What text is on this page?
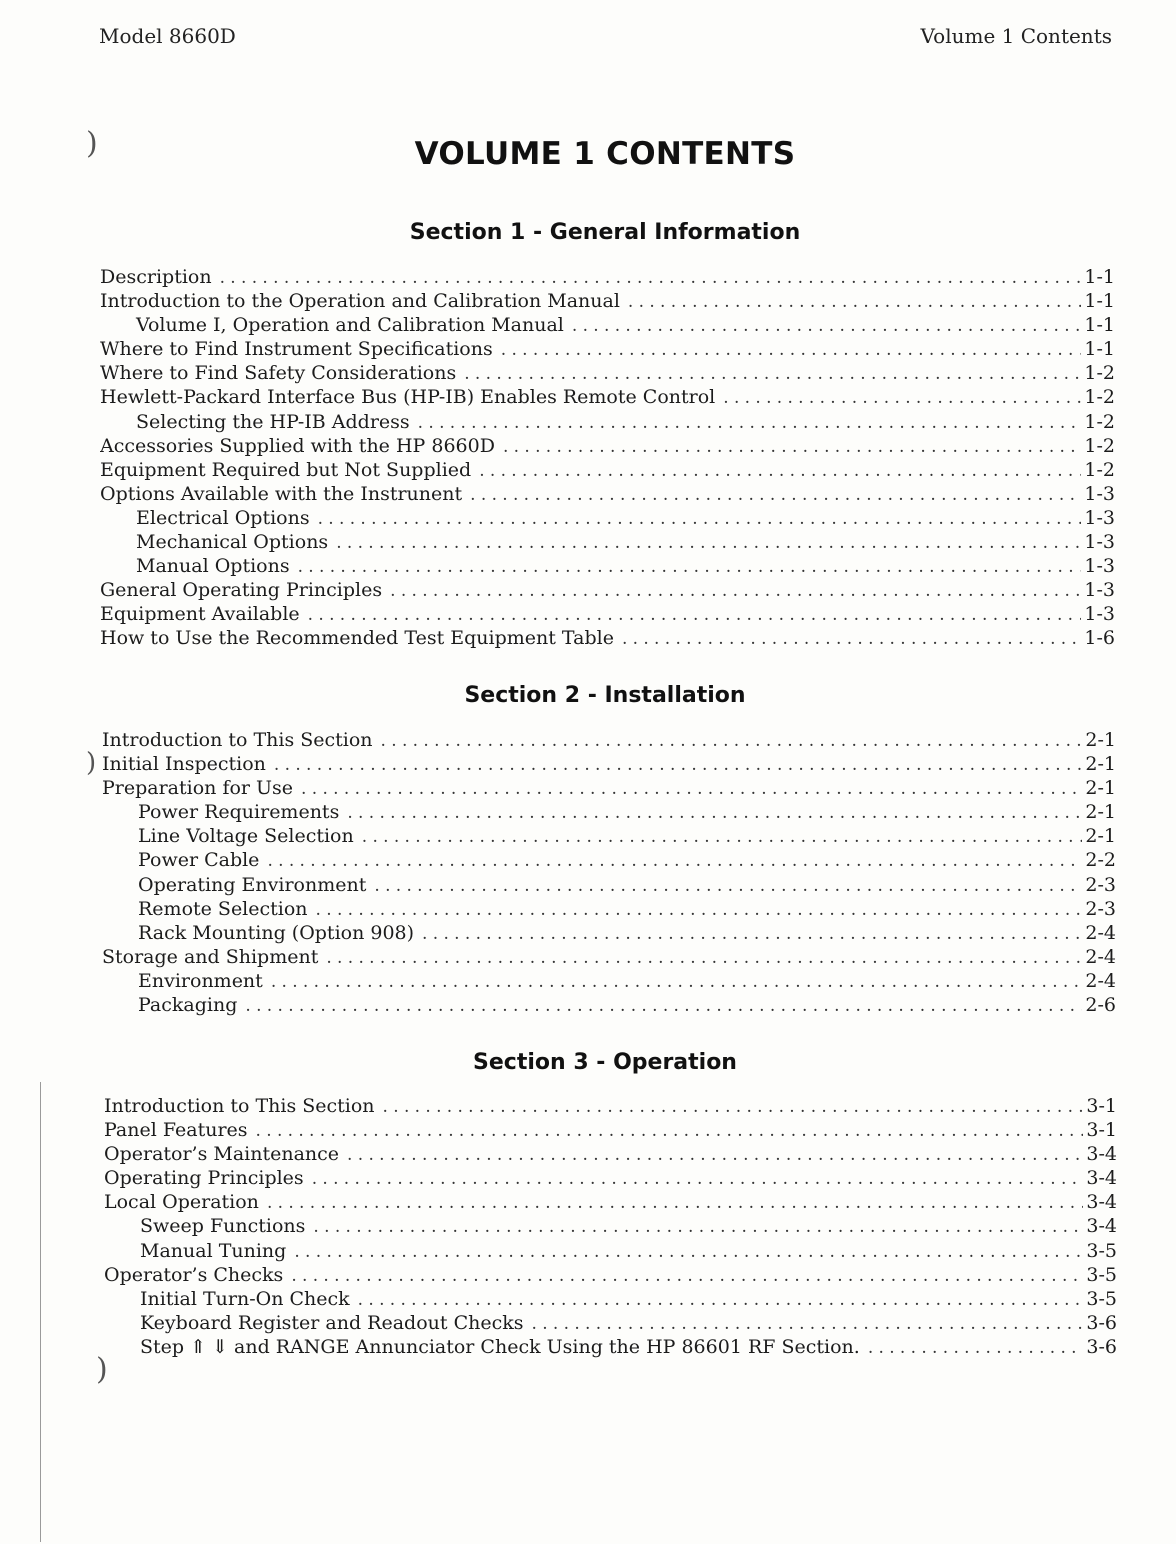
Model 8660D	Volume 1 Contents
)
)
)
VOLUME 1 CONTENTS
Section 1 - General Information
Description .....	1-1
Introduction to the Operation and Calibration Manual .....	1-1
Volume I, Operation and Calibration Manual .....	1-1
Where to Find Instrument Specifications .....	1-1
Where to Find Safety Considerations .....	1-2
Hewlett-Packard Interface Bus (HP-IB) Enables Remote Control .....	1-2
Selecting the HP-IB Address .....	1-2
Accessories Supplied with the HP 8660D .....	1-2
Equipment Required but Not Supplied .....	1-2
Options Available with the Instrunent .....	1-3
Electrical Options .....	1-3
Mechanical Options .....	1-3
Manual Options .....	1-3
General Operating Principles .....	1-3
Equipment Available .....	1-3
How to Use the Recommended Test Equipment Table .....	1-6
Section 2 - Installation
Introduction to This Section .....	2-1
Initial Inspection .....	2-1
Preparation for Use .....	2-1
Power Requirements .....	2-1
Line Voltage Selection .....	2-1
Power Cable .....	2-2
Operating Environment .....	2-3
Remote Selection .....	2-3
Rack Mounting (Option 908) .....	2-4
Storage and Shipment .....	2-4
Environment .....	2-4
Packaging .....	2-6
Section 3 - Operation
Introduction to This Section .....	3-1
Panel Features .....	3-1
Operator’s Maintenance .....	3-4
Operating Principles .....	3-4
Local Operation .....	3-4
Sweep Functions .....	3-4
Manual Tuning .....	3-5
Operator’s Checks .....	3-5
Initial Turn-On Check .....	3-5
Keyboard Register and Readout Checks .....	3-6
Step ⇑ ⇓ and RANGE Annunciator Check Using the HP 86601 RF Section. .....	3-6
